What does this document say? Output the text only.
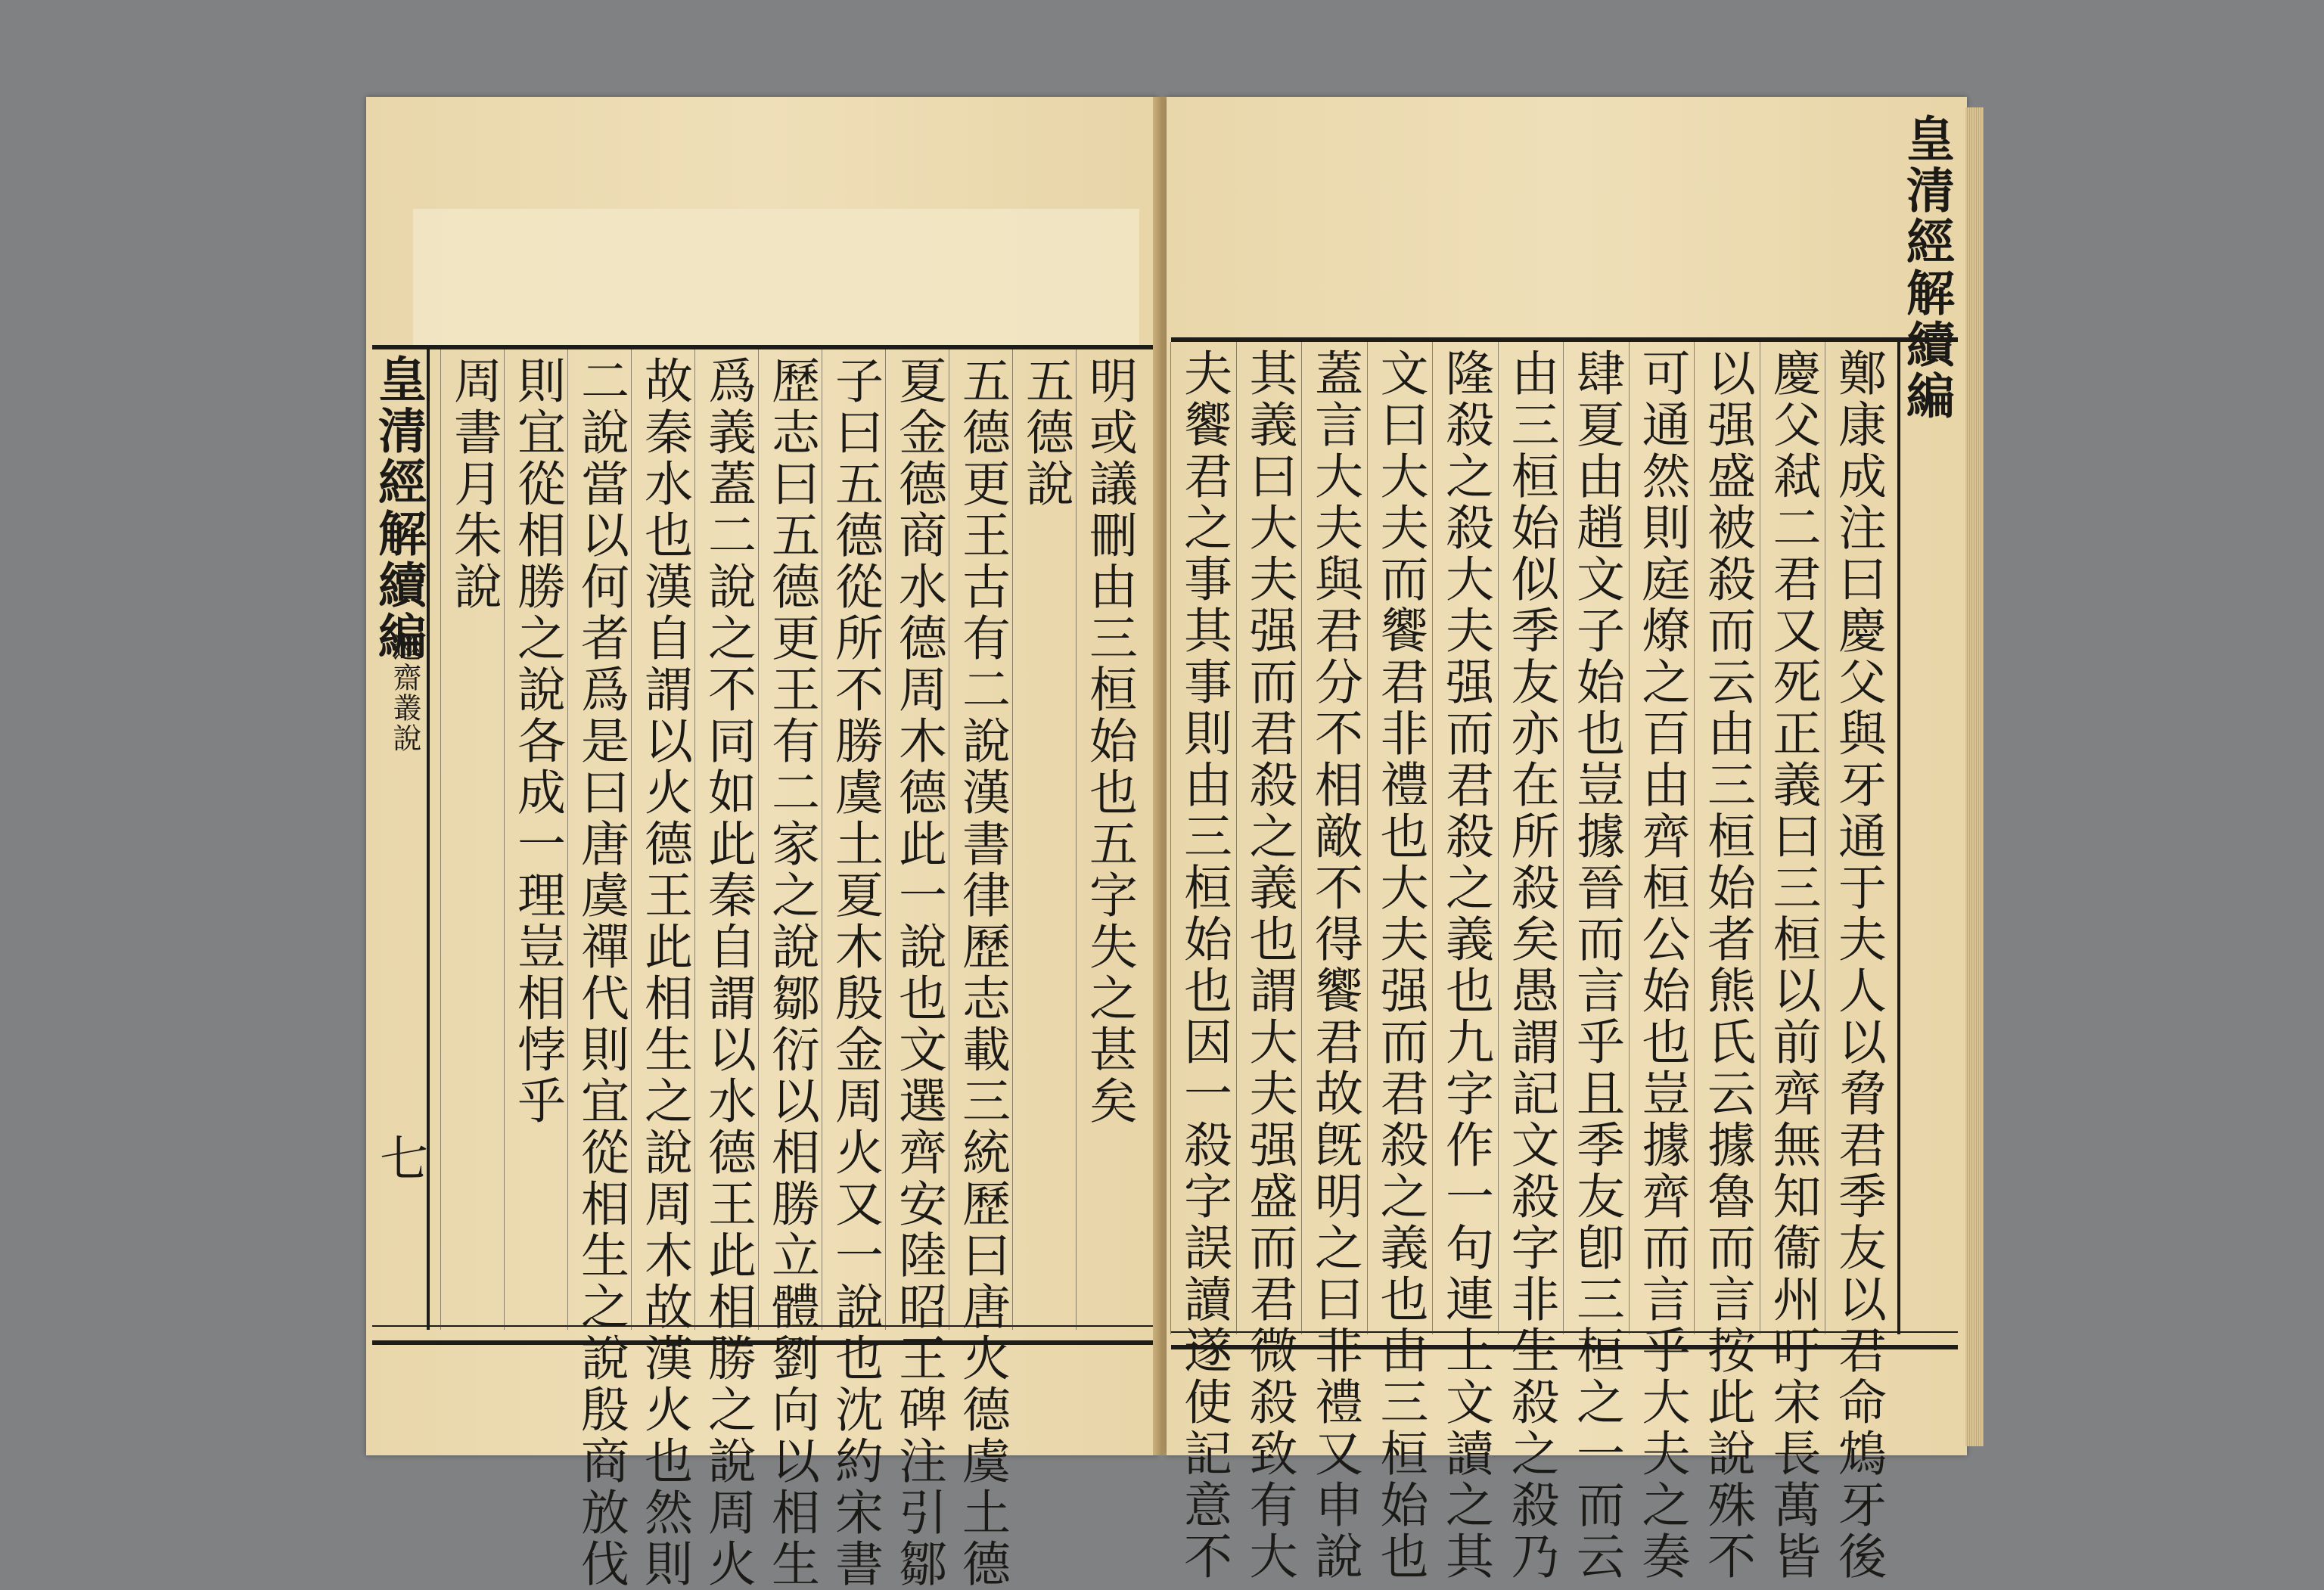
皇清經解續編
遾齋叢說
七
明或議刪由三桓始也五字失之甚矣
五德說
五德更王古有二說漢書律歷志載三統歷曰唐火德虞土德
夏金德商水德周木德此一說也文選齊安陸昭王碑注引鄒
子曰五德從所不勝虞土夏木殷金周火又一說也沈約宋書
歷志曰五德更王有二家之說鄒衍以相勝立體劉向以相生
爲義蓋二說之不同如此秦自謂以水德王此相勝之說周火
故秦水也漢自謂以火德王此相生之說周木故漢火也然則
二說當以何者爲是曰唐虞禪代則宜從相生之說殷商放伐
則宜從相勝之說各成一理豈相悖乎
周書月朱說
皇清經解續編
鄭康成注曰慶父與牙通于夫人以脅君季友以君命鴆牙後
慶父弒二君又死正義曰三桓以前齊無知衞州吁宋長萬皆
以强盛被殺而云由三桓始者熊氏云據魯而言按此說殊不
可通然則庭燎之百由齊桓公始也豈據齊而言乎大夫之奏
肆夏由趙文子始也豈據晉而言乎且季友卽三桓之一而云
由三桓始似季友亦在所殺矣愚謂記文殺字非生殺之殺乃
隆殺之殺大夫强而君殺之義也九字作一句連上文讀之其
文曰大夫而饗君非禮也大夫强而君殺之義也由三桓始也
蓋言大夫與君分不相敵不得饗君故旣明之曰非禮又申說
其義曰大夫强而君殺之義也謂大夫强盛而君微殺致有大
夫饗君之事其事則由三桓始也因一殺字誤讀遂使記意不
